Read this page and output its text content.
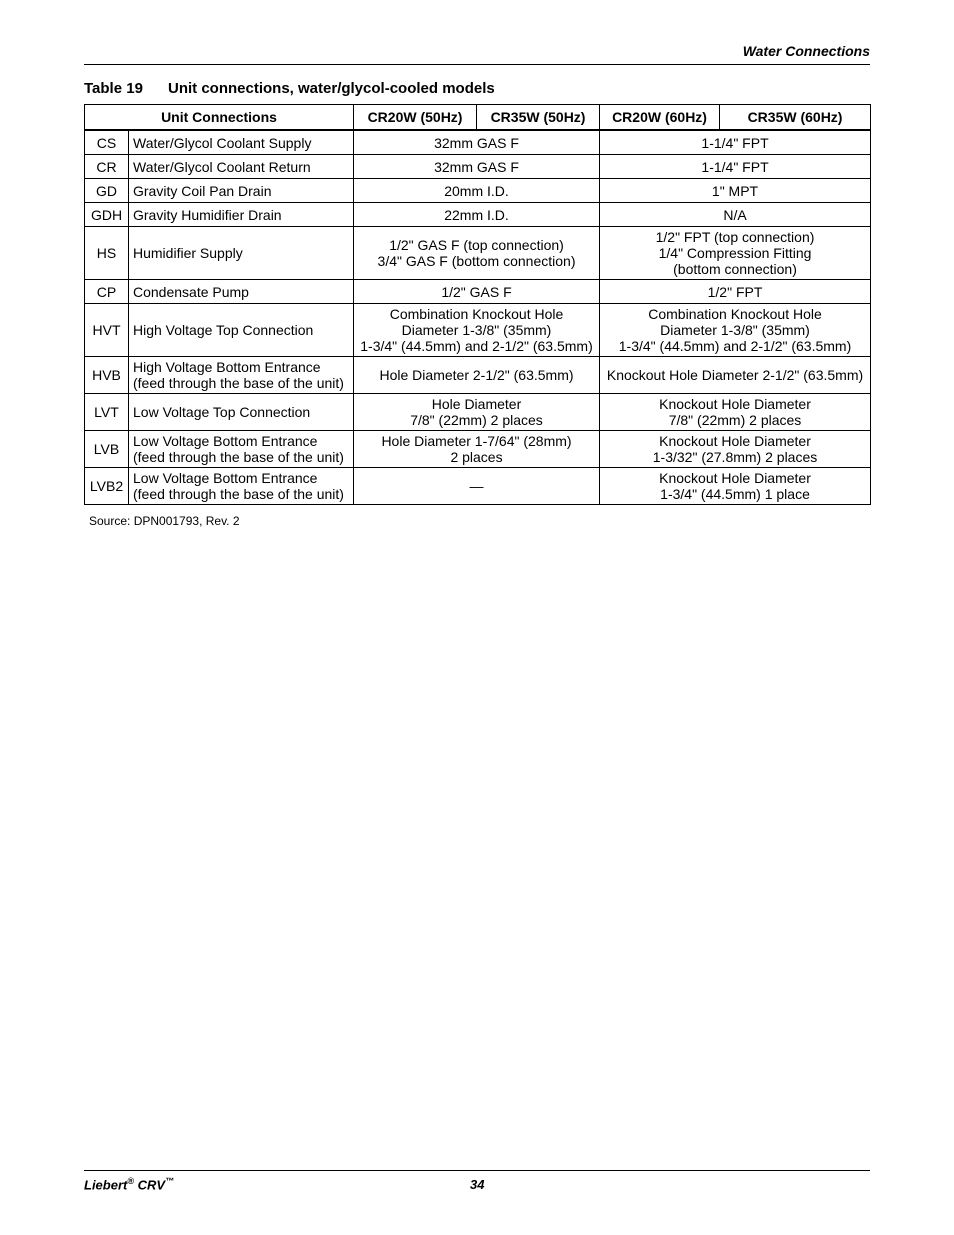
Water Connections
Table 19 Unit connections, water/glycol-cooled models
Unit Connections		CR20W (50Hz)	CR35W (50Hz)	CR20W (60Hz)	CR35W (60Hz)
CS	Water/Glycol Coolant Supply	32mm GAS F		1-1/4" FPT	
CR	Water/Glycol Coolant Return	32mm GAS F		1-1/4" FPT	
GD	Gravity Coil Pan Drain	20mm I.D.		1" MPT	
GDH	Gravity Humidifier Drain	22mm I.D.		N/A	
HS	Humidifier Supply	1/2" GAS F (top connection)
3/4" GAS F (bottom connection)		1/2" FPT (top connection)
1/4" Compression Fitting
(bottom connection)	
CP	Condensate Pump	1/2" GAS F		1/2" FPT	
HVT	High Voltage Top Connection	Combination Knockout Hole
Diameter 1-3/8" (35mm)
1-3/4" (44.5mm) and 2-1/2" (63.5mm)		Combination Knockout Hole
Diameter 1-3/8" (35mm)
1-3/4" (44.5mm) and 2-1/2" (63.5mm)	
HVB	High Voltage Bottom Entrance
(feed through the base of the unit)	Hole Diameter 2-1/2" (63.5mm)		Knockout Hole Diameter 2-1/2" (63.5mm)	
LVT	Low Voltage Top Connection	Hole Diameter
7/8" (22mm) 2 places		Knockout Hole Diameter
7/8" (22mm) 2 places	
LVB	Low Voltage Bottom Entrance
(feed through the base of the unit)	Hole Diameter 1-7/64" (28mm)
2 places		Knockout Hole Diameter
1-3/32" (27.8mm) 2 places	
LVB2	Low Voltage Bottom Entrance
(feed through the base of the unit)	—		Knockout Hole Diameter
1-3/4" (44.5mm) 1 place	
Source: DPN001793, Rev. 2
Liebert® CRV™	34
